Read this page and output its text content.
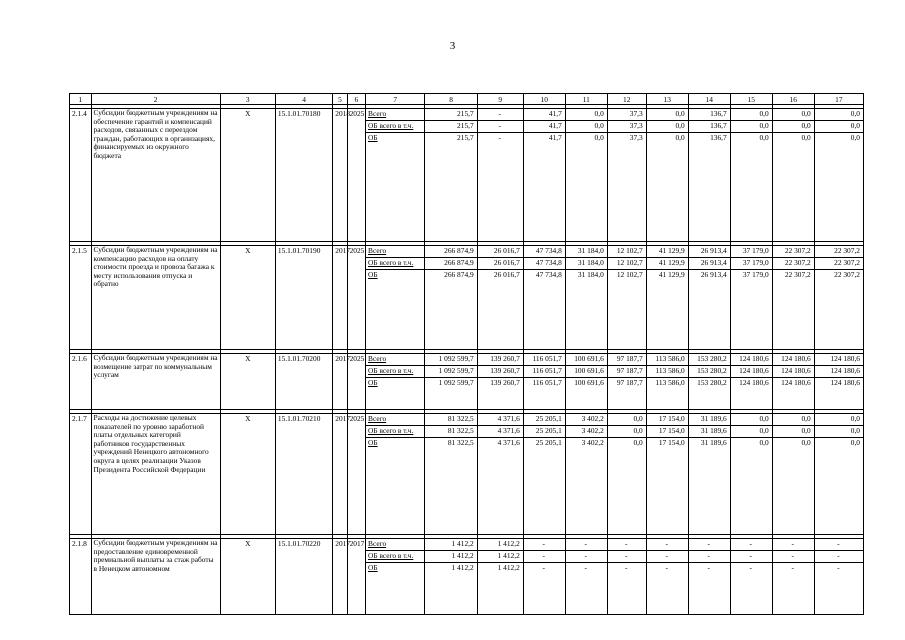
3
1	2	3	4	5	6	7	8	9	10	11	12	13	14	15	16	17

2.1.4	Субсидии бюджетным учреждениям на обеспечение гарантий и компенсаций расходов, связанных с переездом граждан, работающих в организациях, финансируемых из окружного бюджета	Х	15.1.01.70180	2018	2025	Всего	215,7	-	41,7	0,0	37,3	0,0	136,7	0,0	0,0	0,0
						ОБ всего в т.ч.	215,7	-	41,7	0,0	37,3	0,0	136,7	0,0	0,0	0,0
						ОБ	215,7	-	41,7	0,0	37,3	0,0	136,7	0,0	0,0	0,0

2.1.5	Субсидии бюджетным учреждениям на компенсацию расходов на оплату стоимости проезда и провоза багажа к месту использования отпуска и обратно	Х	15.1.01.70190	2017	2025	Всего	266 874,9	26 016,7	47 734,8	31 184,0	12 102,7	41 129,9	26 913,4	37 179,0	22 307,2	22 307,2
						ОБ всего в т.ч.	266 874,9	26 016,7	47 734,8	31 184,0	12 102,7	41 129,9	26 913,4	37 179,0	22 307,2	22 307,2
						ОБ	266 874,9	26 016,7	47 734,8	31 184,0	12 102,7	41 129,9	26 913,4	37 179,0	22 307,2	22 307,2

2.1.6	Субсидии бюджетным учреждениям на возмещение затрат по коммунальным услугам	Х	15.1.01.70200	2017	2025	Всего	1 092 599,7	139 260,7	116 051,7	100 691,6	97 187,7	113 586,0	153 280,2	124 180,6	124 180,6	124 180,6
						ОБ всего в т.ч.	1 092 599,7	139 260,7	116 051,7	100 691,6	97 187,7	113 586,0	153 280,2	124 180,6	124 180,6	124 180,6
						ОБ	1 092 599,7	139 260,7	116 051,7	100 691,6	97 187,7	113 586,0	153 280,2	124 180,6	124 180,6	124 180,6

2.1.7	Расходы на достижение целевых показателей по уровню заработной платы отдельных категорий работников государственных учреждений Ненецкого автономного округа в целях реализации Указов Президента Российской Федерации	Х	15.1.01.70210	2017	2025	Всего	81 322,5	4 371,6	25 205,1	3 402,2	0,0	17 154,0	31 189,6	0,0	0,0	0,0
						ОБ всего в т.ч.	81 322,5	4 371,6	25 205,1	3 402,2	0,0	17 154,0	31 189,6	0,0	0,0	0,0
						ОБ	81 322,5	4 371,6	25 205,1	3 402,2	0,0	17 154,0	31 189,6	0,0	0,0	0,0

2.1.8	Субсидии бюджетным учреждениям на предоставление единовременной премиальной выплаты за стаж работы в Ненецком автономном	Х	15.1.01.70220	2017	2017	Всего	1 412,2	1 412,2	-	-	-	-	-	-	-	-
						ОБ всего в т.ч.	1 412,2	1 412,2	-	-	-	-	-	-	-	-
						ОБ	1 412,2	1 412,2	-	-	-	-	-	-	-	-
